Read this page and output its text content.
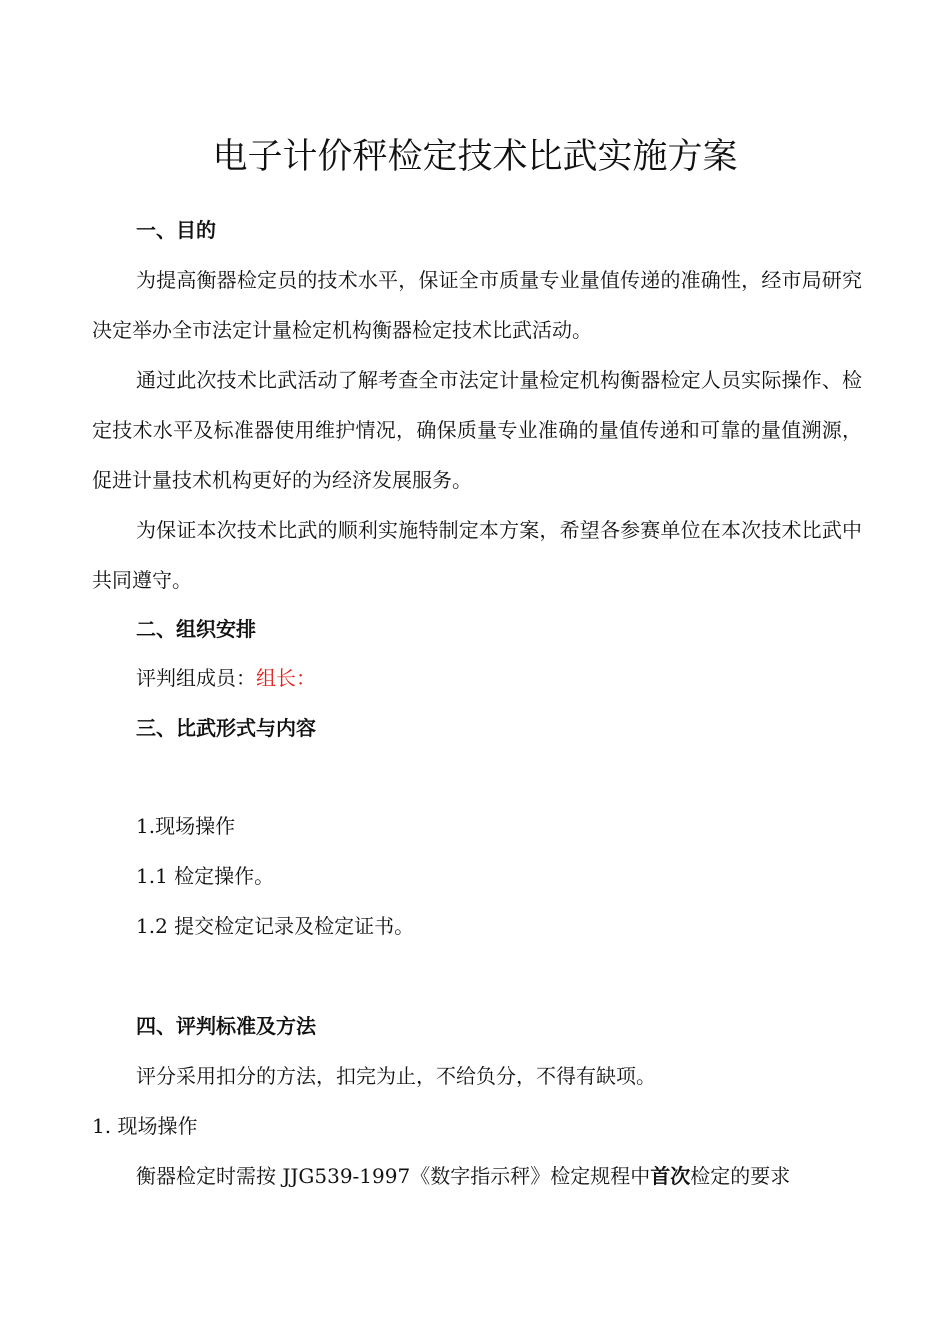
电子计价秤检定技术比武实施方案
一、目的
为提高衡器检定员的技术水平，保证全市质量专业量值传递的准确性，经市局研究决定举办全市法定计量检定机构衡器检定技术比武活动。
通过此次技术比武活动了解考查全市法定计量检定机构衡器检定人员实际操作、检定技术水平及标准器使用维护情况，确保质量专业准确的量值传递和可靠的量值溯源，促进计量技术机构更好的为经济发展服务。
为保证本次技术比武的顺利实施特制定本方案，希望各参赛单位在本次技术比武中共同遵守。
二、组织安排
评判组成员：组长：
三、比武形式与内容
1.现场操作
1.1 检定操作。
1.2 提交检定记录及检定证书。
四、评判标准及方法
评分采用扣分的方法，扣完为止，不给负分，不得有缺项。
1. 现场操作
衡器检定时需按 JJG539-1997《数字指示秤》检定规程中首次检定的要求
